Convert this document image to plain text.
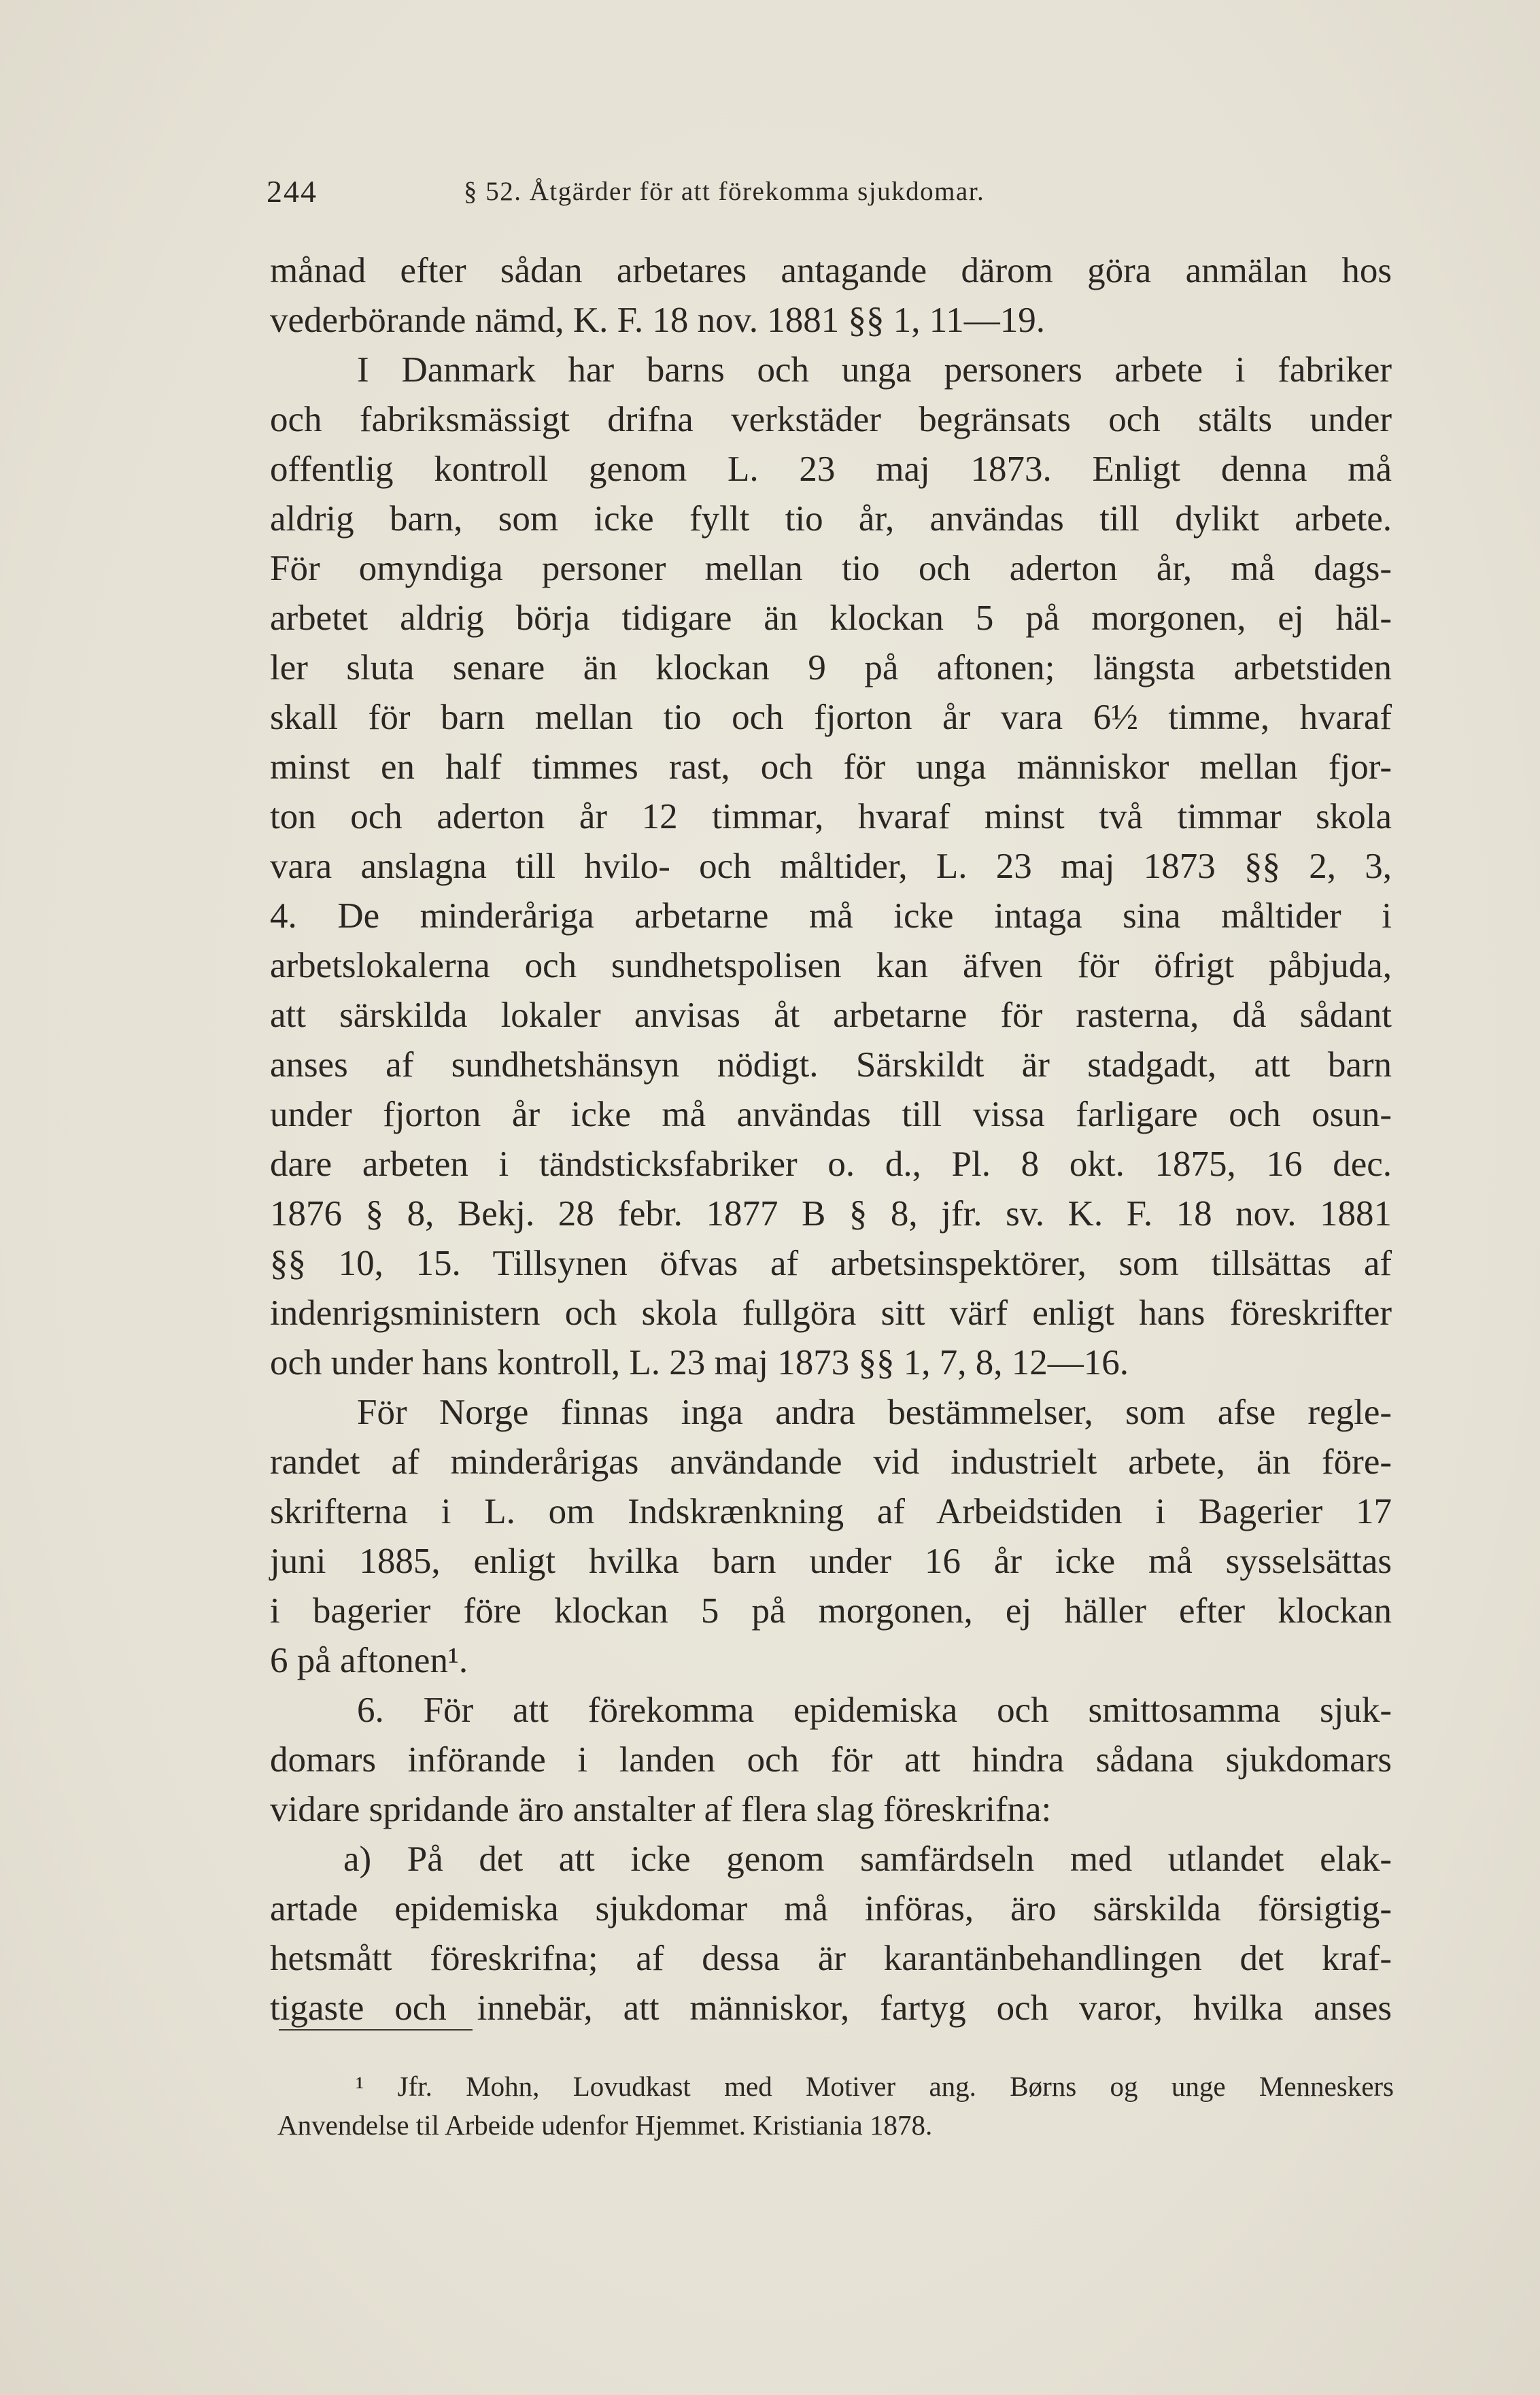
244	§ 52. Åtgärder för att förekomma sjukdomar.
månad efter sådan arbetares antagande därom göra anmälan hos
vederbörande nämd, K. F. 18 nov. 1881 §§ 1, 11—19.
I Danmark har barns och unga personers arbete i fabriker
och fabriksmässigt drifna verkstäder begränsats och stälts under
offentlig kontroll genom L. 23 maj 1873. Enligt denna må
aldrig barn, som icke fyllt tio år, användas till dylikt arbete.
För omyndiga personer mellan tio och aderton år, må dags-
arbetet aldrig börja tidigare än klockan 5 på morgonen, ej häl-
ler sluta senare än klockan 9 på aftonen; längsta arbetstiden
skall för barn mellan tio och fjorton år vara 6½ timme, hvaraf
minst en half timmes rast, och för unga människor mellan fjor-
ton och aderton år 12 timmar, hvaraf minst två timmar skola
vara anslagna till hvilo- och måltider, L. 23 maj 1873 §§ 2, 3,
4. De minderåriga arbetarne må icke intaga sina måltider i
arbetslokalerna och sundhetspolisen kan äfven för öfrigt påbjuda,
att särskilda lokaler anvisas åt arbetarne för rasterna, då sådant
anses af sundhetshänsyn nödigt. Särskildt är stadgadt, att barn
under fjorton år icke må användas till vissa farligare och osun-
dare arbeten i tändsticksfabriker o. d., Pl. 8 okt. 1875, 16 dec.
1876 § 8, Bekj. 28 febr. 1877 B § 8, jfr. sv. K. F. 18 nov. 1881
§§ 10, 15. Tillsynen öfvas af arbetsinspektörer, som tillsättas af
indenrigsministern och skola fullgöra sitt värf enligt hans föreskrifter
och under hans kontroll, L. 23 maj 1873 §§ 1, 7, 8, 12—16.
För Norge finnas inga andra bestämmelser, som afse regle-
randet af minderårigas användande vid industrielt arbete, än före-
skrifterna i L. om Indskrænkning af Arbeidstiden i Bagerier 17
juni 1885, enligt hvilka barn under 16 år icke må sysselsättas
i bagerier före klockan 5 på morgonen, ej häller efter klockan
6 på aftonen¹.
6. För att förekomma epidemiska och smittosamma sjuk-
domars införande i landen och för att hindra sådana sjukdomars
vidare spridande äro anstalter af flera slag föreskrifna:
a) På det att icke genom samfärdseln med utlandet elak-
artade epidemiska sjukdomar må införas, äro särskilda försigtig-
hetsmått föreskrifna; af dessa är karantänbehandlingen det kraf-
tigaste och innebär, att människor, fartyg och varor, hvilka anses
¹ Jfr. Mohn, Lovudkast med Motiver ang. Børns og unge Menneskers
Anvendelse til Arbeide udenfor Hjemmet. Kristiania 1878.
